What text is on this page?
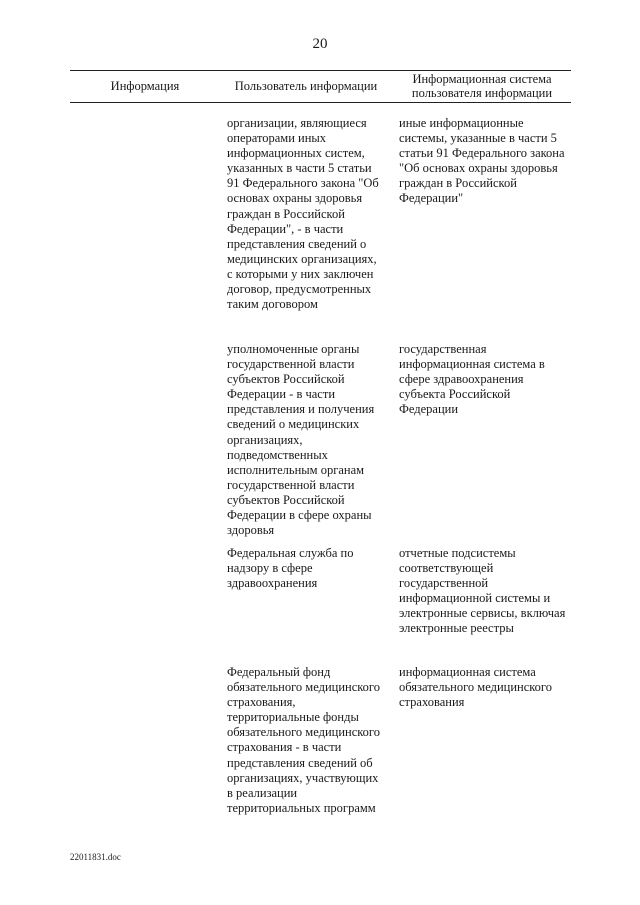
20
Информация	Пользователь информации	Информационная система пользователя информации
организации, являющиеся операторами иных информационных систем, указанных в части 5 статьи 91 Федерального закона "Об основах охраны здоровья граждан в Российской Федерации", - в части представления сведений о медицинских организациях, с которыми у них заключен договор, предусмотренных таким договором
иные информационные системы, указанные в части 5 статьи 91 Федерального закона "Об основах охраны здоровья граждан в Российской Федерации"
уполномоченные органы государственной власти субъектов Российской Федерации - в части представления и получения сведений о медицинских организациях, подведомственных исполнительным органам государственной власти субъектов Российской Федерации в сфере охраны здоровья
государственная информационная система в сфере здравоохранения субъекта Российской Федерации
Федеральная служба по надзору в сфере здравоохранения
отчетные подсистемы соответствующей государственной информационной системы и электронные сервисы, включая электронные реестры
Федеральный фонд обязательного медицинского страхования, территориальные фонды обязательного медицинского страхования - в части представления сведений об организациях, участвующих в реализации территориальных программ
информационная система обязательного медицинского страхования
22011831.doc
